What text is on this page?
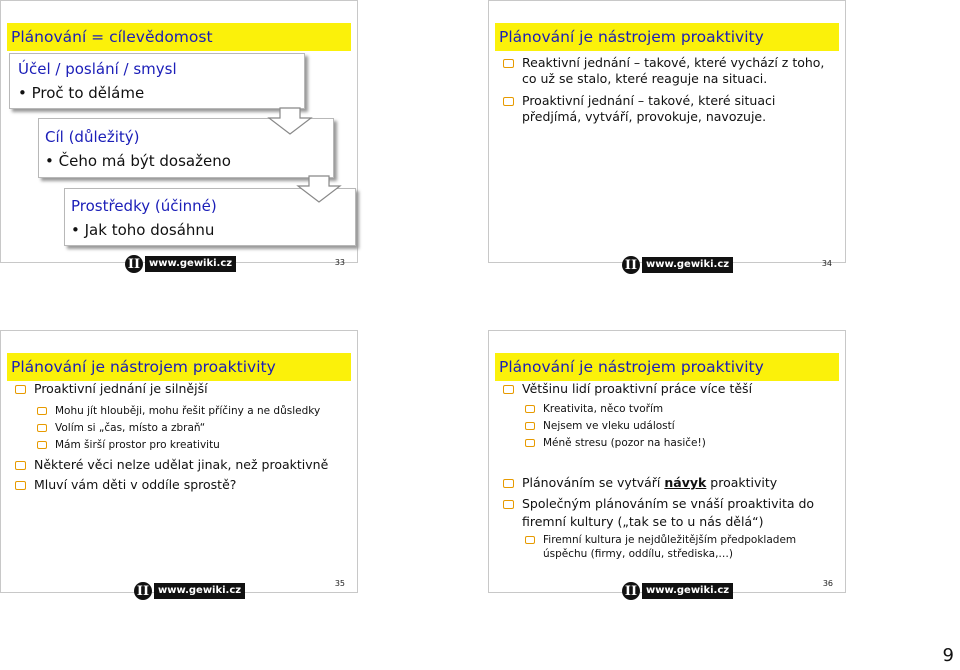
Plánování = cílevědomost
Účel / poslání / smysl
• Proč to děláme
Cíl (důležitý)
• Čeho má být dosaženo
Prostředky (účinné)
• Jak toho dosáhnu
II www.gewiki.cz	33
Plánování je nástrojem proaktivity
Reaktivní jednání – takové, které vychází z toho,
co už se stalo, které reaguje na situaci.
Proaktivní jednání – takové, které situaci
předjímá, vytváří, provokuje, navozuje.
II www.gewiki.cz	34
Plánování je nástrojem proaktivity
Proaktivní jednání je silnější
Mohu jít hlouběji, mohu řešit příčiny a ne důsledky
Volím si „čas, místo a zbraň“
Mám širší prostor pro kreativitu
Některé věci nelze udělat jinak, než proaktivně
Mluví vám děti v oddíle sprostě?
II www.gewiki.cz
35
Plánování je nástrojem proaktivity
Většinu lidí proaktivní práce více těší
Kreativita, něco tvořím
Nejsem ve vleku událostí
Méně stresu (pozor na hasiče!)
Plánováním se vytváří návyk proaktivity
Společným plánováním se vnáší proaktivita do
firemní kultury („tak se to u nás dělá“)
Firemní kultura je nejdůležitějším předpokladem
úspěchu (firmy, oddílu, střediska,…)
II www.gewiki.cz
36
9
